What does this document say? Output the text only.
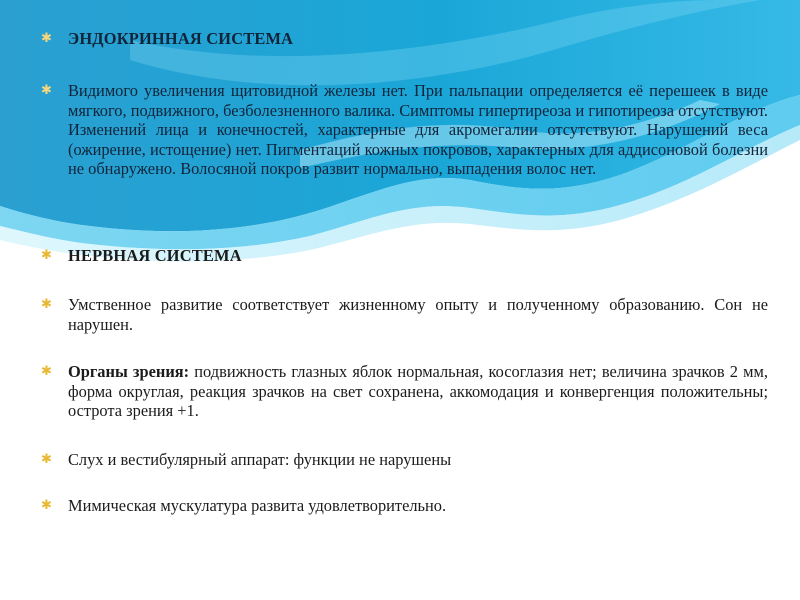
✱ ЭНДОКРИННАЯ СИСТЕМА
✱ Видимого увеличения щитовидной железы нет. При пальпации определяется её перешеек в виде мягкого, подвижного, безболезненного валика. Симптомы гипертиреоза и гипотиреоза отсутствуют. Изменений лица и конечностей, характерные для акромегалии отсутствуют. Нарушений веса (ожирение, истощение) нет. Пигментаций кожных покровов, характерных для аддисоновой болезни не обнаружено. Волосяной покров развит нормально, выпадения волос нет.
✱ НЕРВНАЯ СИСТЕМА
✱ Умственное развитие соответствует жизненному опыту и полученному образованию. Сон не нарушен.
✱ Органы зрения: подвижность глазных яблок нормальная, косоглазия нет; величина зрачков 2 мм, форма округлая, реакция зрачков на свет сохранена, аккомодация и конвергенция положительны; острота зрения +1.
✱ Слух и вестибулярный аппарат: функции не нарушены
✱ Мимическая мускулатура развита удовлетворительно.
